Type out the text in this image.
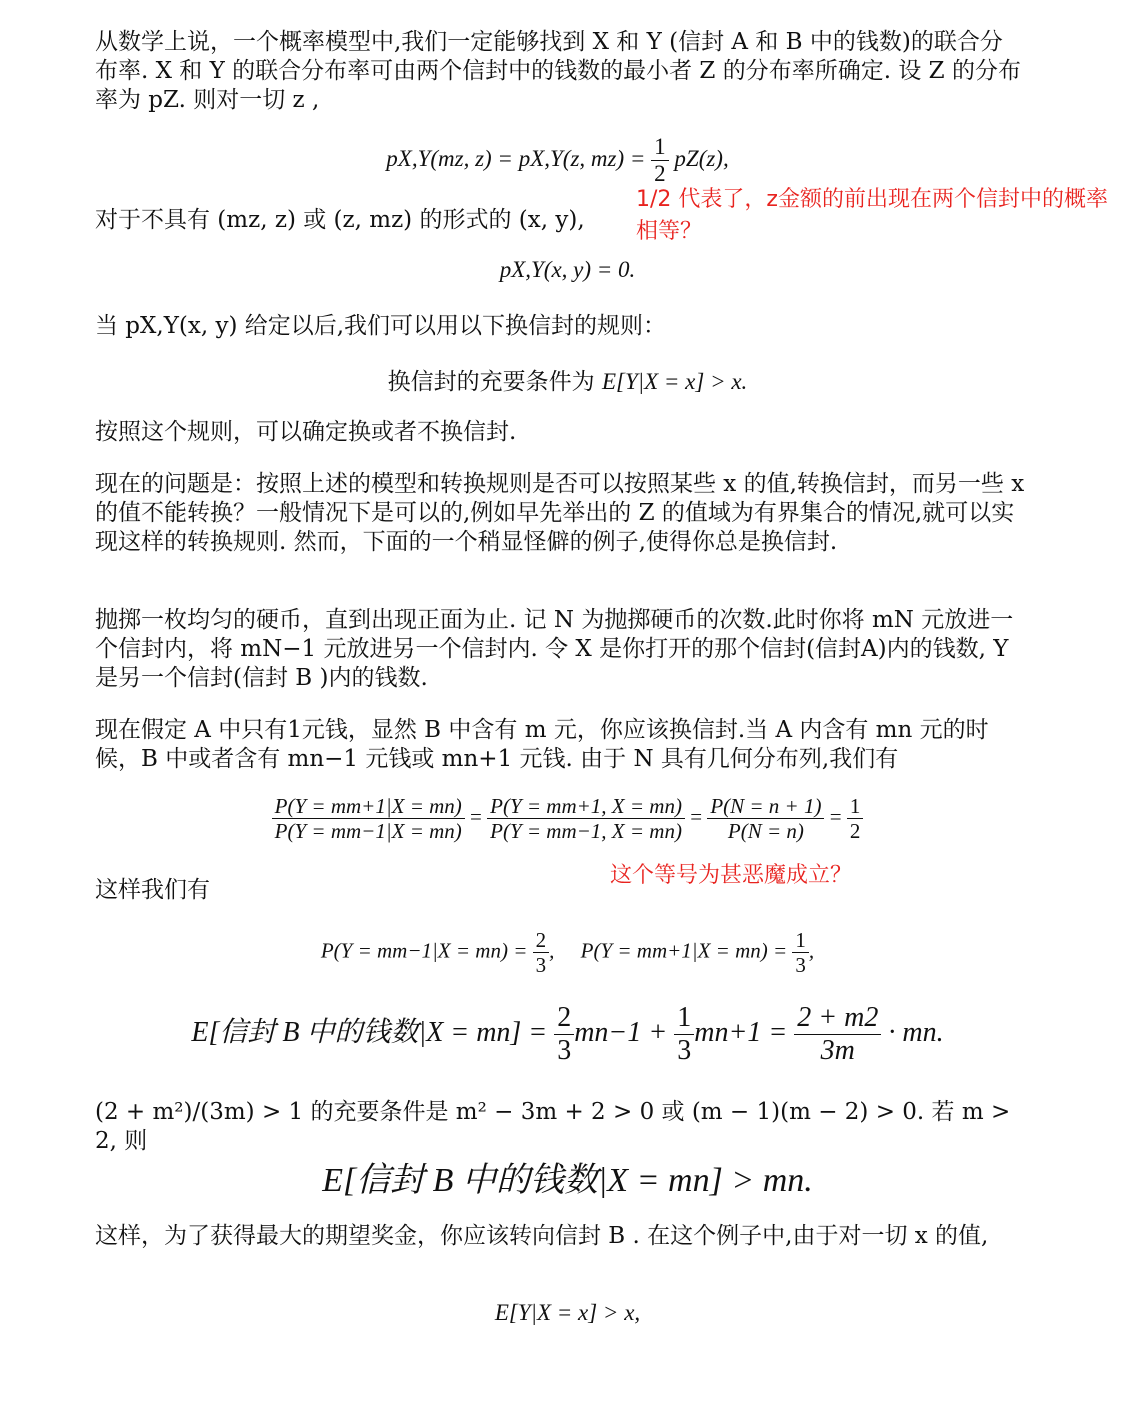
从数学上说，一个概率模型中,我们一定能够找到 X 和 Y (信封 A 和 B 中的钱数)的联合分布率. X 和 Y 的联合分布率可由两个信封中的钱数的最小者 Z 的分布率所确定. 设 Z 的分布率为 pZ. 则对一切 z ,
pX,Y(mz, z) = pX,Y(z, $mz) = \frac{1}{2} pZ(z)$,
1/2 代表了，z金额的前出现在两个信封中的概率相等？
对于不具有 (mz, z) 或 (z, mz) 的形式的 (x, y),
pX,Y(x, y) = 0.
当 pX,Y(x, y) 给定以后,我们可以用以下换信封的规则：
换信封的充要条件为 E[Y|X = x] > x.
按照这个规则，可以确定换或者不换信封.
现在的问题是：按照上述的模型和转换规则是否可以按照某些 x 的值,转换信封，而另一些 x 的值不能转换？一般情况下是可以的,例如早先举出的 Z 的值域为有界集合的情况,就可以实现这样的转换规则. 然而，下面的一个稍显怪僻的例子,使得你总是换信封.
抛掷一枚均匀的硬币，直到出现正面为止. 记 N 为抛掷硬币的次数.此时你将 mN 元放进一个信封内，将 mN−1 元放进另一个信封内. 令 X 是你打开的那个信封(信封A)内的钱数, Y 是另一个信封(信封 B )内的钱数.
现在假定 A 中只有1元钱，显然 B 中含有 m 元，你应该换信封.当 A 内含有 mn 元的时候，B 中或者含有 mn−1 元钱或 mn+1 元钱. 由于 N 具有几何分布列,我们有
$\frac{P(Y = mm+1|X = mn)}{P(Y = mm-1|X = mn)} = \frac{P(Y = mm+1, X = mn)}{P(Y = mm-1, X = mn)} = \frac{P(N = n + 1)}{P(N = n)} = \frac{1}{2}$
这个等号为甚恶魔成立？
这样我们有
$P(Y = mm-1|X = mn) = \frac{2}{3}$ ,     $P(Y = mm+1|X = mn) = \frac{1}{3}$ ,
E[信封 B 中的钱数$|X = mn] = \frac{2}{3} mn-1 + \frac{1}{3} mn+1 = \frac{2 + m2}{3m}$ · mn.
(2 + m²)/(3m) > 1 的充要条件是 m² − 3m + 2 > 0 或 (m − 1)(m − 2) > 0. 若 m > 2, 则
E[信封 B 中的钱数|X = mn] > mn.
这样，为了获得最大的期望奖金，你应该转向信封 B . 在这个例子中,由于对一切 x 的值,
E[Y|X = x] > x,
